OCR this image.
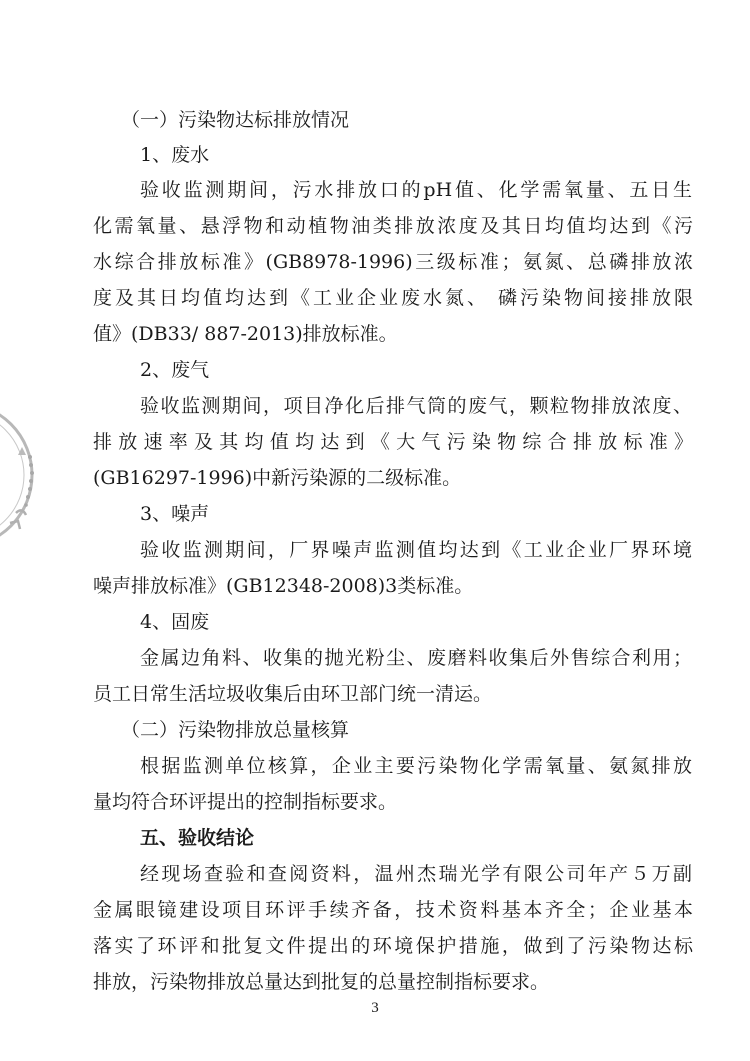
（一）污染物达标排放情况
1、废水
验收监测期间，污水排放口的pH值、化学需氧量、五日生
化需氧量、悬浮物和动植物油类排放浓度及其日均值均达到《污
水综合排放标准》(GB8978-1996)三级标准；氨氮、总磷排放浓
度及其日均值均达到《工业企业废水氮、 磷污染物间接排放限
值》(DB33/ 887-2013)排放标准。
2、废气
验收监测期间，项目净化后排气筒的废气，颗粒物排放浓度、
排放速率及其均值均达到《大气污染物综合排放标准》
(GB16297-1996)中新污染源的二级标准。
3、噪声
验收监测期间，厂界噪声监测值均达到《工业企业厂界环境
噪声排放标准》(GB12348-2008)3类标准。
4、固废
金属边角料、收集的抛光粉尘、废磨料收集后外售综合利用；
员工日常生活垃圾收集后由环卫部门统一清运。
（二）污染物排放总量核算
根据监测单位核算，企业主要污染物化学需氧量、氨氮排放
量均符合环评提出的控制指标要求。
五、验收结论
经现场查验和查阅资料，温州杰瑞光学有限公司年产５万副
金属眼镜建设项目环评手续齐备，技术资料基本齐全；企业基本
落实了环评和批复文件提出的环境保护措施，做到了污染物达标
排放，污染物排放总量达到批复的总量控制指标要求。
3
